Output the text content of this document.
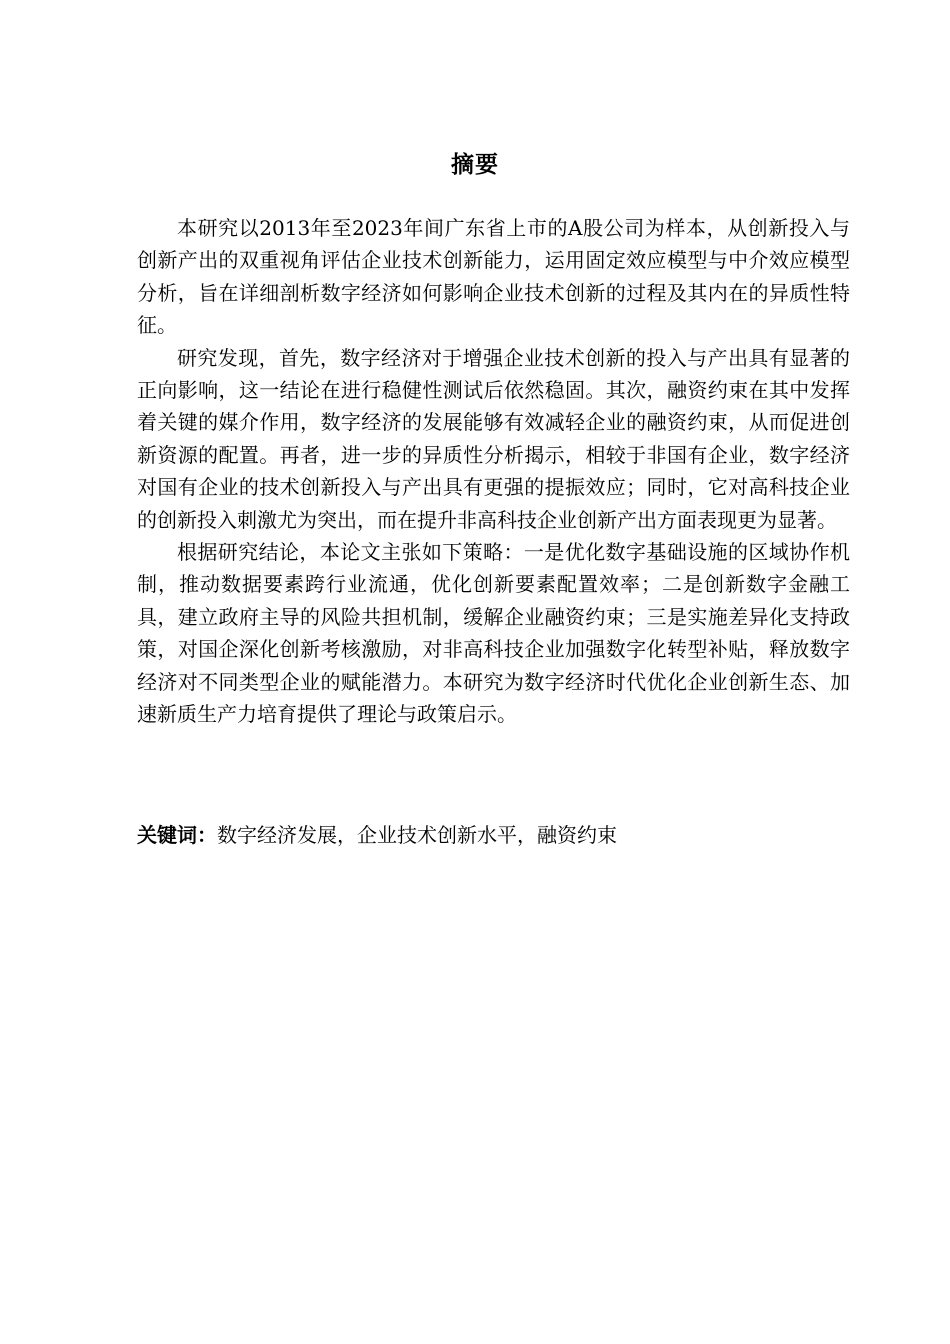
摘要

本研究以2013年至2023年间广东省上市的A股公司为样本，从创新投入与创新产出的双重视角评估企业技术创新能力，运用固定效应模型与中介效应模型分析，旨在详细剖析数字经济如何影响企业技术创新的过程及其内在的异质性特征。

研究发现，首先，数字经济对于增强企业技术创新的投入与产出具有显著的正向影响，这一结论在进行稳健性测试后依然稳固。其次，融资约束在其中发挥着关键的媒介作用，数字经济的发展能够有效减轻企业的融资约束，从而促进创新资源的配置。再者，进一步的异质性分析揭示，相较于非国有企业，数字经济对国有企业的技术创新投入与产出具有更强的提振效应；同时，它对高科技企业的创新投入刺激尤为突出，而在提升非高科技企业创新产出方面表现更为显著。

根据研究结论，本论文主张如下策略：一是优化数字基础设施的区域协作机制，推动数据要素跨行业流通，优化创新要素配置效率；二是创新数字金融工具，建立政府主导的风险共担机制，缓解企业融资约束；三是实施差异化支持政策，对国企深化创新考核激励，对非高科技企业加强数字化转型补贴，释放数字经济对不同类型企业的赋能潜力。本研究为数字经济时代优化企业创新生态、加速新质生产力培育提供了理论与政策启示。

关键词：数字经济发展，企业技术创新水平，融资约束
